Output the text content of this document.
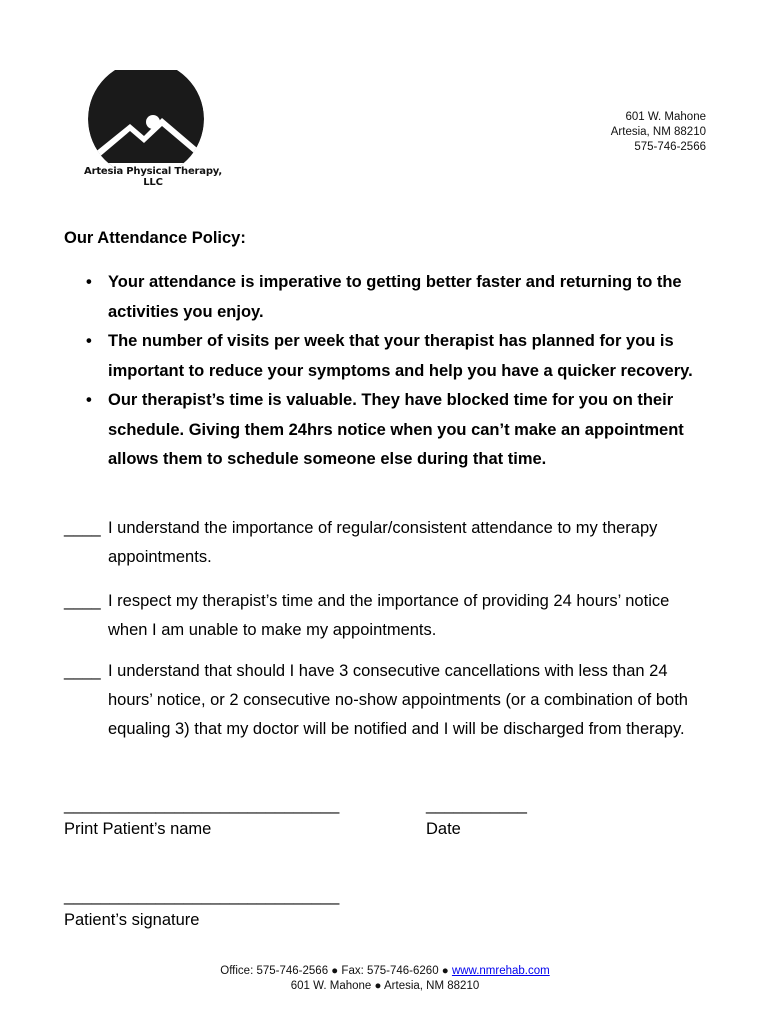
Artesia Physical Therapy, LLC
601 W. Mahone
Artesia, NM 88210
575-746-2566
Our Attendance Policy:
• Your attendance is imperative to getting better faster and returning to the activities you enjoy.
• The number of visits per week that your therapist has planned for you is important to reduce your symptoms and help you have a quicker recovery.
• Our therapist’s time is valuable. They have blocked time for you on their schedule. Giving them 24hrs notice when you can’t make an appointment allows them to schedule someone else during that time.
____ I understand the importance of regular/consistent attendance to my therapy appointments.
____ I respect my therapist’s time and the importance of providing 24 hours’ notice when I am unable to make my appointments.
____ I understand that should I have 3 consecutive cancellations with less than 24 hours’ notice, or 2 consecutive no-show appointments (or a combination of both equaling 3) that my doctor will be notified and I will be discharged from therapy.
______________________________	___________
Print Patient’s name	Date
______________________________
Patient’s signature
Office: 575-746-2566 ● Fax: 575-746-6260 ● www.nmrehab.com
601 W. Mahone ● Artesia, NM 88210
